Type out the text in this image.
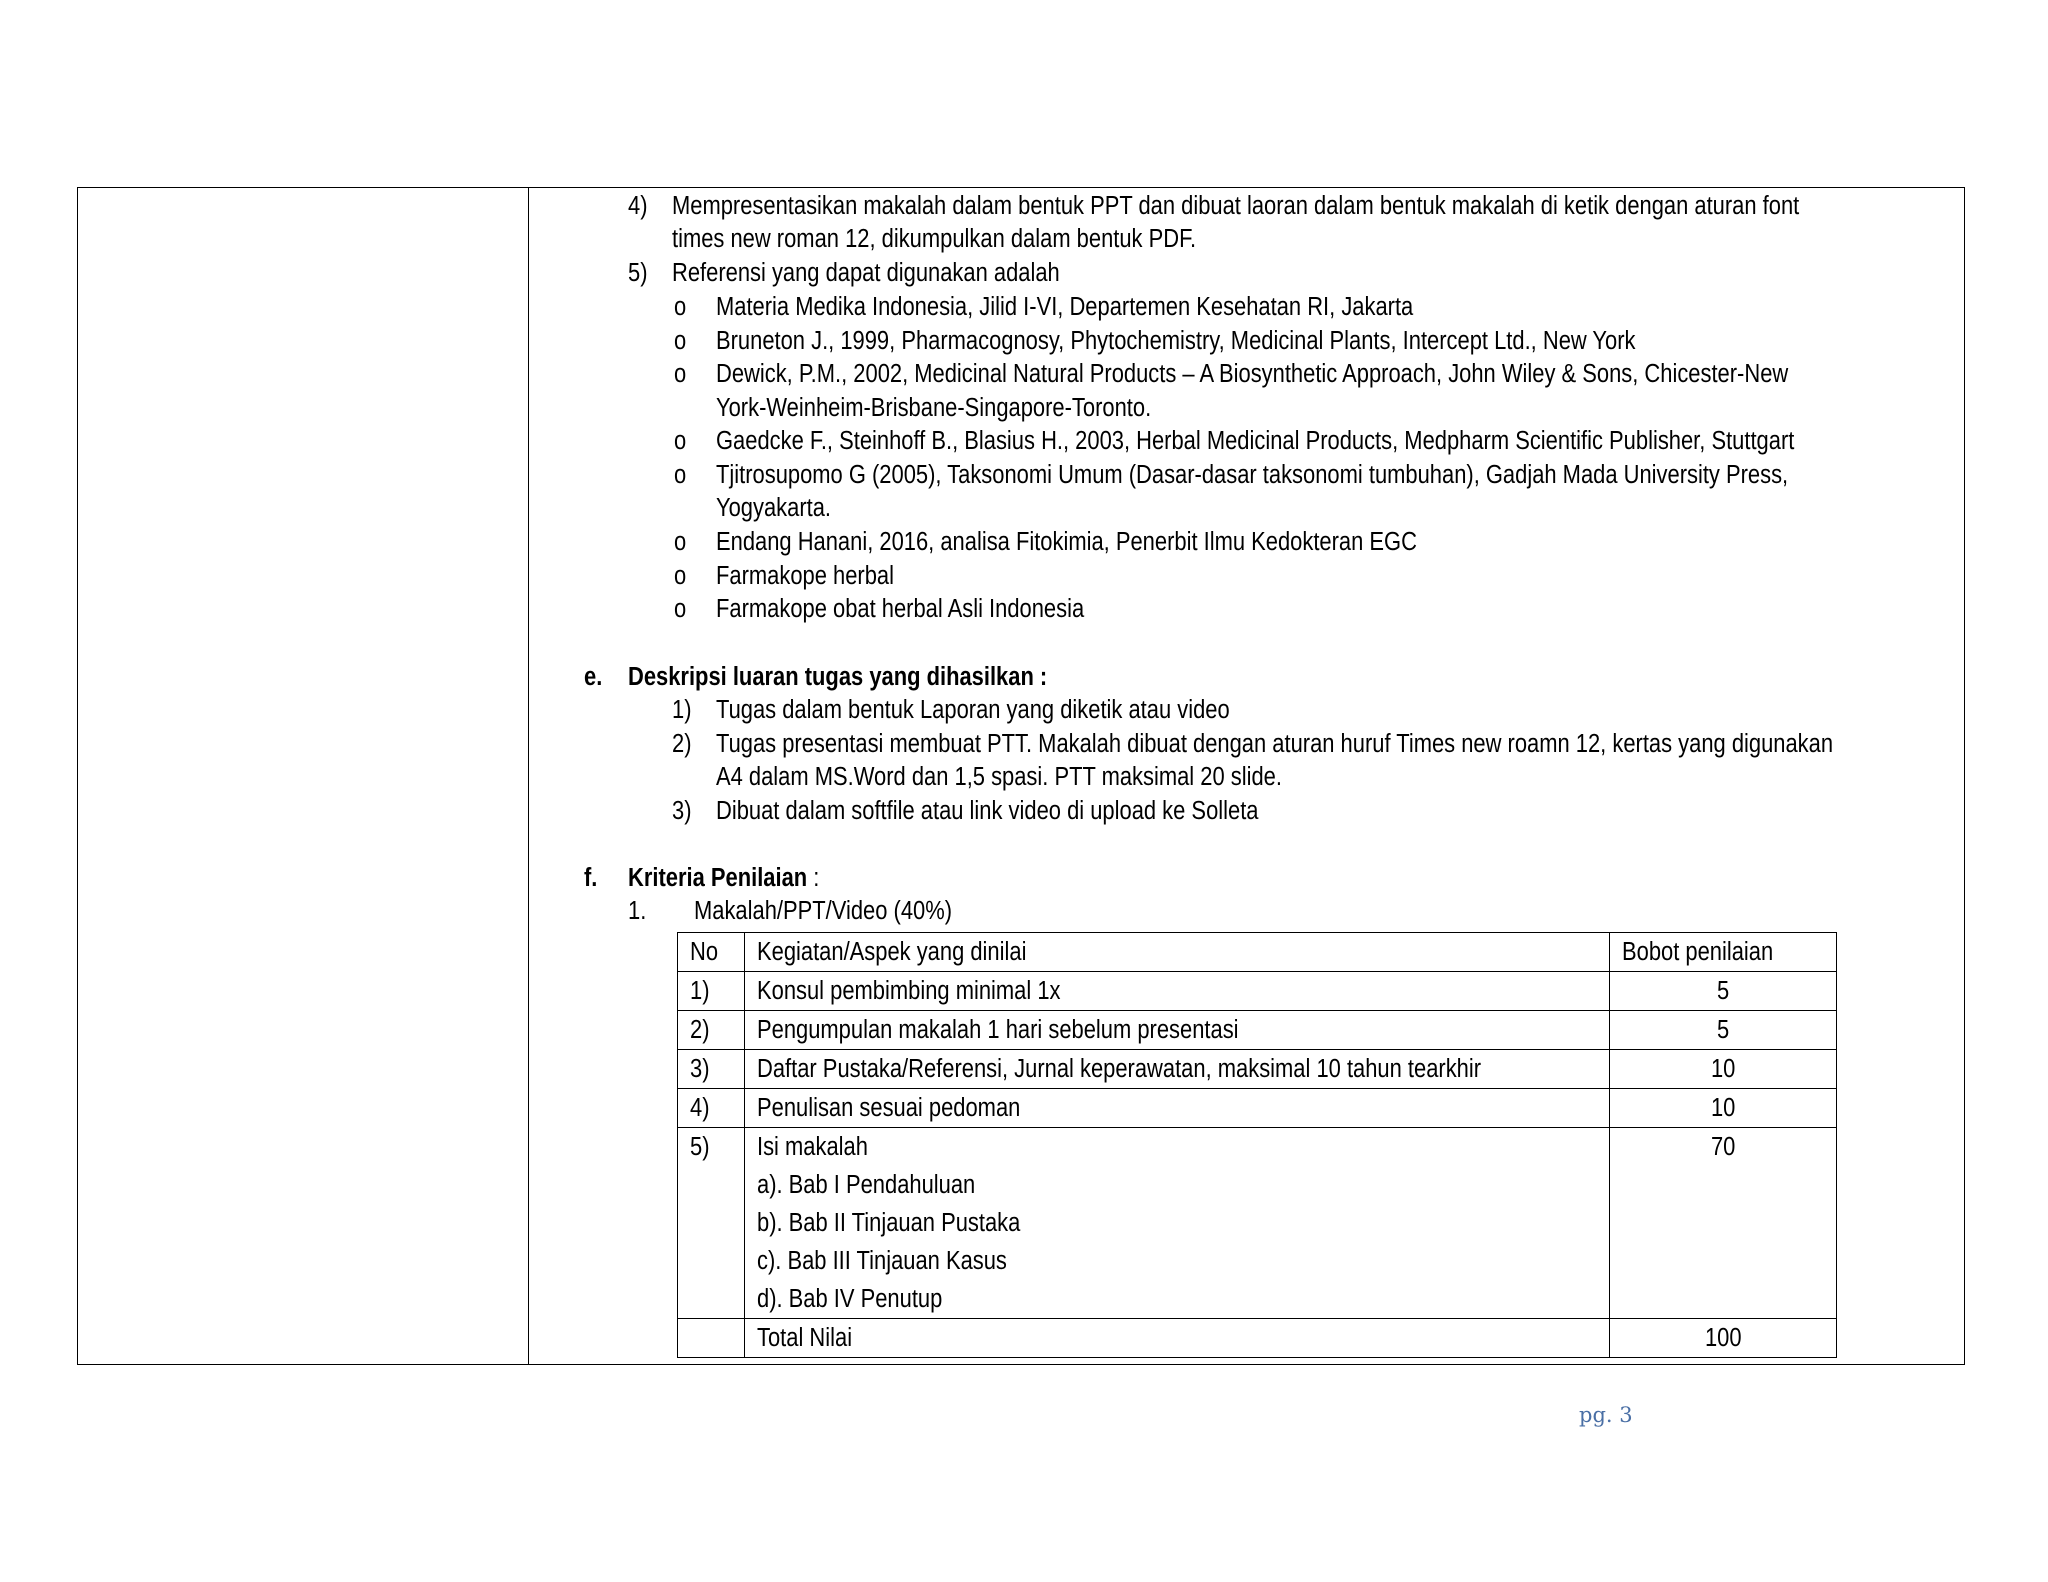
4) Mempresentasikan makalah dalam bentuk PPT dan dibuat laoran dalam bentuk makalah di ketik dengan aturan font
times new roman 12, dikumpulkan dalam bentuk PDF.
5) Referensi yang dapat digunakan adalah
o Materia Medika Indonesia, Jilid I-VI, Departemen Kesehatan RI, Jakarta
o Bruneton J., 1999, Pharmacognosy, Phytochemistry, Medicinal Plants, Intercept Ltd., New York
o Dewick, P.M., 2002, Medicinal Natural Products – A Biosynthetic Approach, John Wiley & Sons, Chicester-New
York-Weinheim-Brisbane-Singapore-Toronto.
o Gaedcke F., Steinhoff B., Blasius H., 2003, Herbal Medicinal Products, Medpharm Scientific Publisher, Stuttgart
o Tjitrosupomo G (2005), Taksonomi Umum (Dasar-dasar taksonomi tumbuhan), Gadjah Mada University Press,
Yogyakarta.
o Endang Hanani, 2016, analisa Fitokimia, Penerbit Ilmu Kedokteran EGC
o Farmakope herbal
o Farmakope obat herbal Asli Indonesia
e. Deskripsi luaran tugas yang dihasilkan :
1) Tugas dalam bentuk Laporan yang diketik atau video
2) Tugas presentasi membuat PTT. Makalah dibuat dengan aturan huruf Times new roamn 12, kertas yang digunakan
A4 dalam MS.Word dan 1,5 spasi. PTT maksimal 20 slide.
3) Dibuat dalam softfile atau link video di upload ke Solleta
f. Kriteria Penilaian :
1. Makalah/PPT/Video (40%)
No	Kegiatan/Aspek yang dinilai	Bobot penilaian
1)	Konsul pembimbing minimal 1x	5
2)	Pengumpulan makalah 1 hari sebelum presentasi	5
3)	Daftar Pustaka/Referensi, Jurnal keperawatan, maksimal 10 tahun tearkhir	10
4)	Penulisan sesuai pedoman	10
5)	Isi makalah
a). Bab I Pendahuluan
b). Bab II Tinjauan Pustaka
c). Bab III Tinjauan Kasus
d). Bab IV Penutup	70
	Total Nilai	100
pg. 3
